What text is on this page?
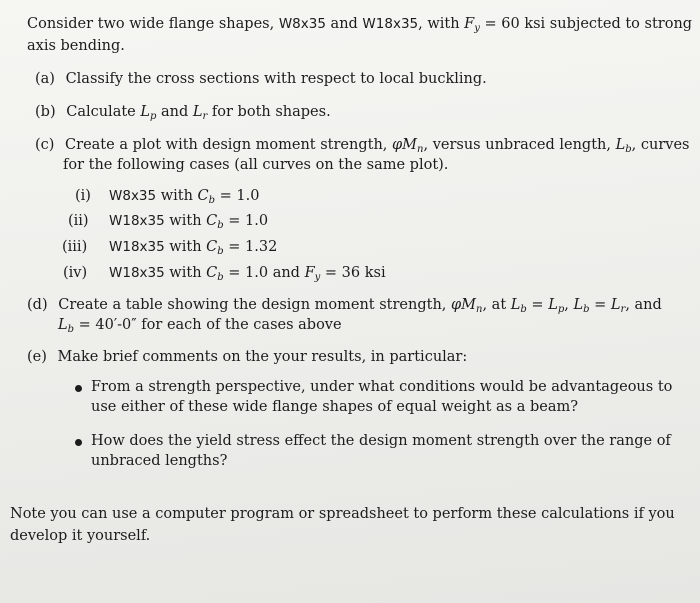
Consider two wide flange shapes, W8x35 and W18x35, with $F_y = 60$ ksi subjected to strong
axis bending.
(a) Classify the cross sections with respect to local buckling.
(b) Calculate $L_p$ and $L_r$ for both shapes.
(c) Create a plot with design moment strength, $\varphi M_n$, versus unbraced length, $L_b$, curves
for the following cases (all curves on the same plot).
(i) W8x35 with $C_b = 1.0$
(ii) W18x35 with $C_b = 1.0$
(iii) W18x35 with $C_b = 1.32$
(iv) W18x35 with $C_b = 1.0$ and $F_y = 36$ ksi
(d) Create a table showing the design moment strength, $\varphi M_n$, at $L_b = L_p$, $L_b = L_r$, and
$L_b = 40'-0''$ for each of the cases above
(e) Make brief comments on the your results, in particular:
From a strength perspective, under what conditions would be advantageous to
use either of these wide flange shapes of equal weight as a beam?
How does the yield stress effect the design moment strength over the range of
unbraced lengths?
Note you can use a computer program or spreadsheet to perform these calculations if you
develop it yourself.
